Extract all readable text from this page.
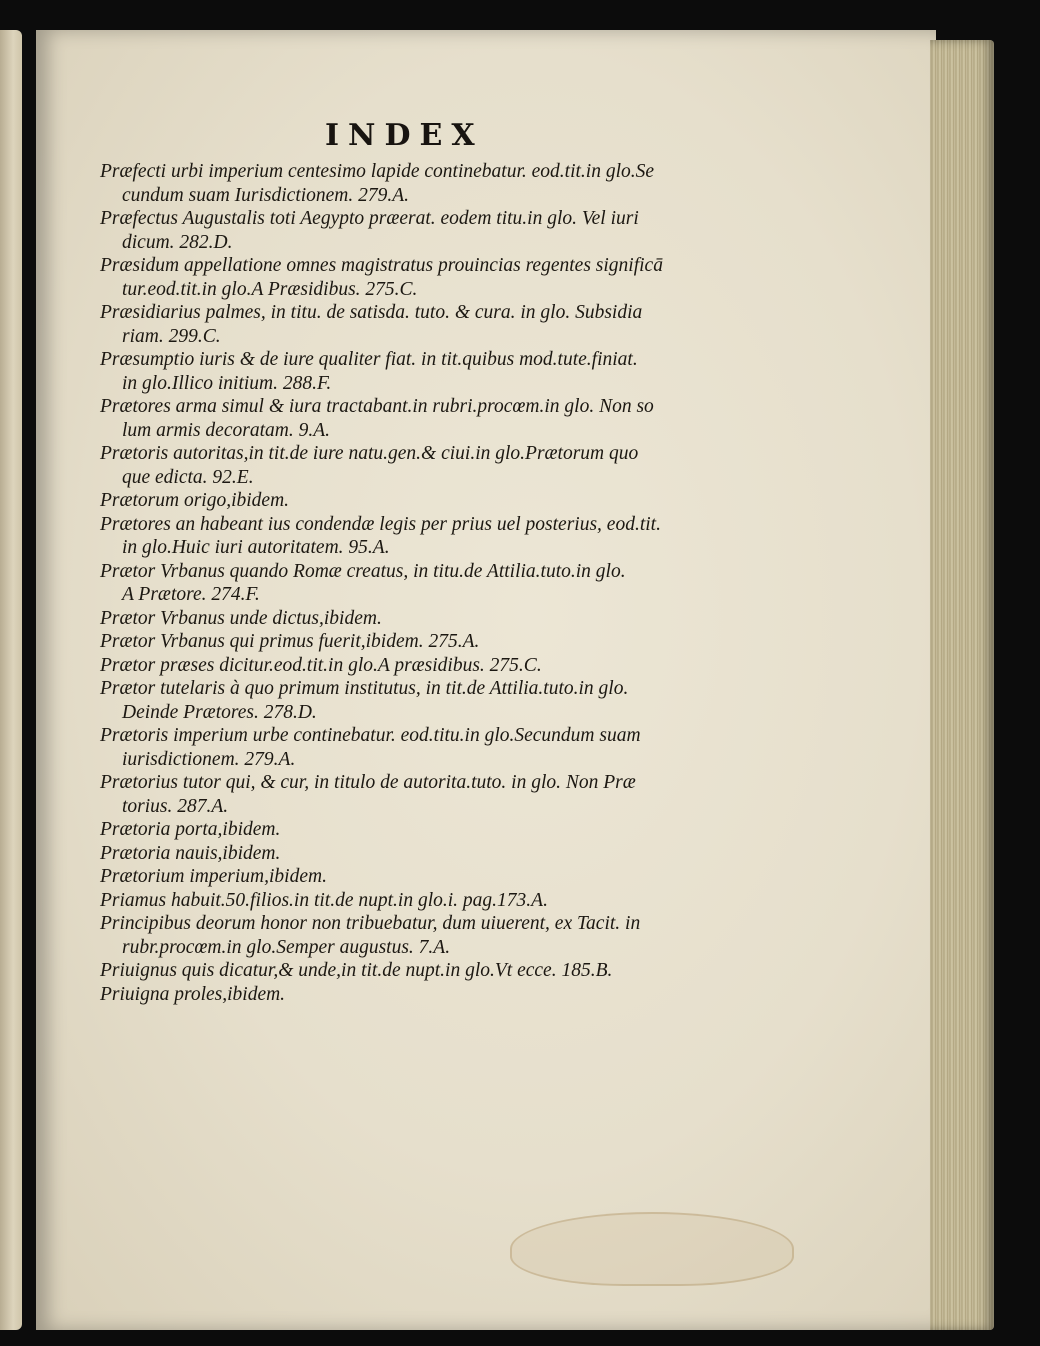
INDEX
Præfecti urbi imperium centesimo lapide continebatur. eod.tit.in glo.Se
cundum suam Iurisdictionem. 279.A.
Præfectus Augustalis toti Aegypto præerat. eodem titu.in glo. Vel iuri
dicum. 282.D.
Præsidum appellatione omnes magistratus prouincias regentes significā
tur.eod.tit.in glo.A Præsidibus. 275.C.
Præsidiarius palmes, in titu. de satisda. tuto. & cura. in glo. Subsidia
riam. 299.C.
Præsumptio iuris & de iure qualiter fiat. in tit.quibus mod.tute.finiat.
in glo.Illico initium. 288.F.
Prætores arma simul & iura tractabant.in rubri.procœm.in glo. Non so
lum armis decoratam. 9.A.
Prætoris autoritas,in tit.de iure natu.gen.& ciui.in glo.Prætorum quo
que edicta. 92.E.
Prætorum origo,ibidem.
Prætores an habeant ius condendæ legis per prius uel posterius, eod.tit.
in glo.Huic iuri autoritatem. 95.A.
Prætor Vrbanus quando Romæ creatus, in titu.de Attilia.tuto.in glo.
A Prætore. 274.F.
Prætor Vrbanus unde dictus,ibidem.
Prætor Vrbanus qui primus fuerit,ibidem. 275.A.
Prætor præses dicitur.eod.tit.in glo.A præsidibus. 275.C.
Prætor tutelaris à quo primum institutus, in tit.de Attilia.tuto.in glo.
Deinde Prætores. 278.D.
Prætoris imperium urbe continebatur. eod.titu.in glo.Secundum suam
iurisdictionem. 279.A.
Prætorius tutor qui, & cur, in titulo de autorita.tuto. in glo. Non Præ
torius. 287.A.
Prætoria porta,ibidem.
Prætoria nauis,ibidem.
Prætorium imperium,ibidem.
Priamus habuit.50.filios.in tit.de nupt.in glo.i. pag.173.A.
Principibus deorum honor non tribuebatur, dum uiuerent, ex Tacit. in
rubr.procœm.in glo.Semper augustus. 7.A.
Priuignus quis dicatur,& unde,in tit.de nupt.in glo.Vt ecce. 185.B.
Priuigna proles,ibidem.
